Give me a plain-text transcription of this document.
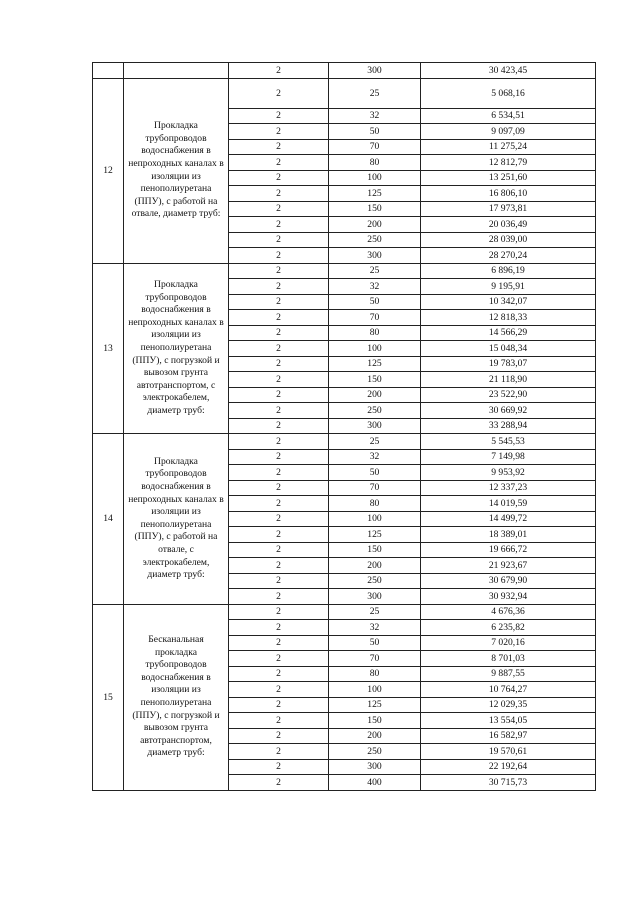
		2	300	30 423,45
12	Прокладка трубопроводов водоснабжения в непроходных каналах в изоляции из пенополиуретана (ППУ), с работой на отвале, диаметр труб:	2	25	5 068,16
		2	32	6 534,51
		2	50	9 097,09
		2	70	11 275,24
		2	80	12 812,79
		2	100	13 251,60
		2	125	16 806,10
		2	150	17 973,81
		2	200	20 036,49
		2	250	28 039,00
		2	300	28 270,24
13	Прокладка трубопроводов водоснабжения в непроходных каналах в изоляции из пенополиуретана (ППУ), с погрузкой и вывозом грунта автотранспортом, с электрокабелем, диаметр труб:	2	25	6 896,19
		2	32	9 195,91
		2	50	10 342,07
		2	70	12 818,33
		2	80	14 566,29
		2	100	15 048,34
		2	125	19 783,07
		2	150	21 118,90
		2	200	23 522,90
		2	250	30 669,92
		2	300	33 288,94
14	Прокладка трубопроводов водоснабжения в непроходных каналах в изоляции из пенополиуретана (ППУ), с работой на отвале, с электрокабелем, диаметр труб:	2	25	5 545,53
		2	32	7 149,98
		2	50	9 953,92
		2	70	12 337,23
		2	80	14 019,59
		2	100	14 499,72
		2	125	18 389,01
		2	150	19 666,72
		2	200	21 923,67
		2	250	30 679,90
		2	300	30 932,94
15	Бесканальная прокладка трубопроводов водоснабжения в изоляции из пенополиуретана (ППУ), с погрузкой и вывозом грунта автотранспортом, диаметр труб:	2	25	4 676,36
		2	32	6 235,82
		2	50	7 020,16
		2	70	8 701,03
		2	80	9 887,55
		2	100	10 764,27
		2	125	12 029,35
		2	150	13 554,05
		2	200	16 582,97
		2	250	19 570,61
		2	300	22 192,64
		2	400	30 715,73
